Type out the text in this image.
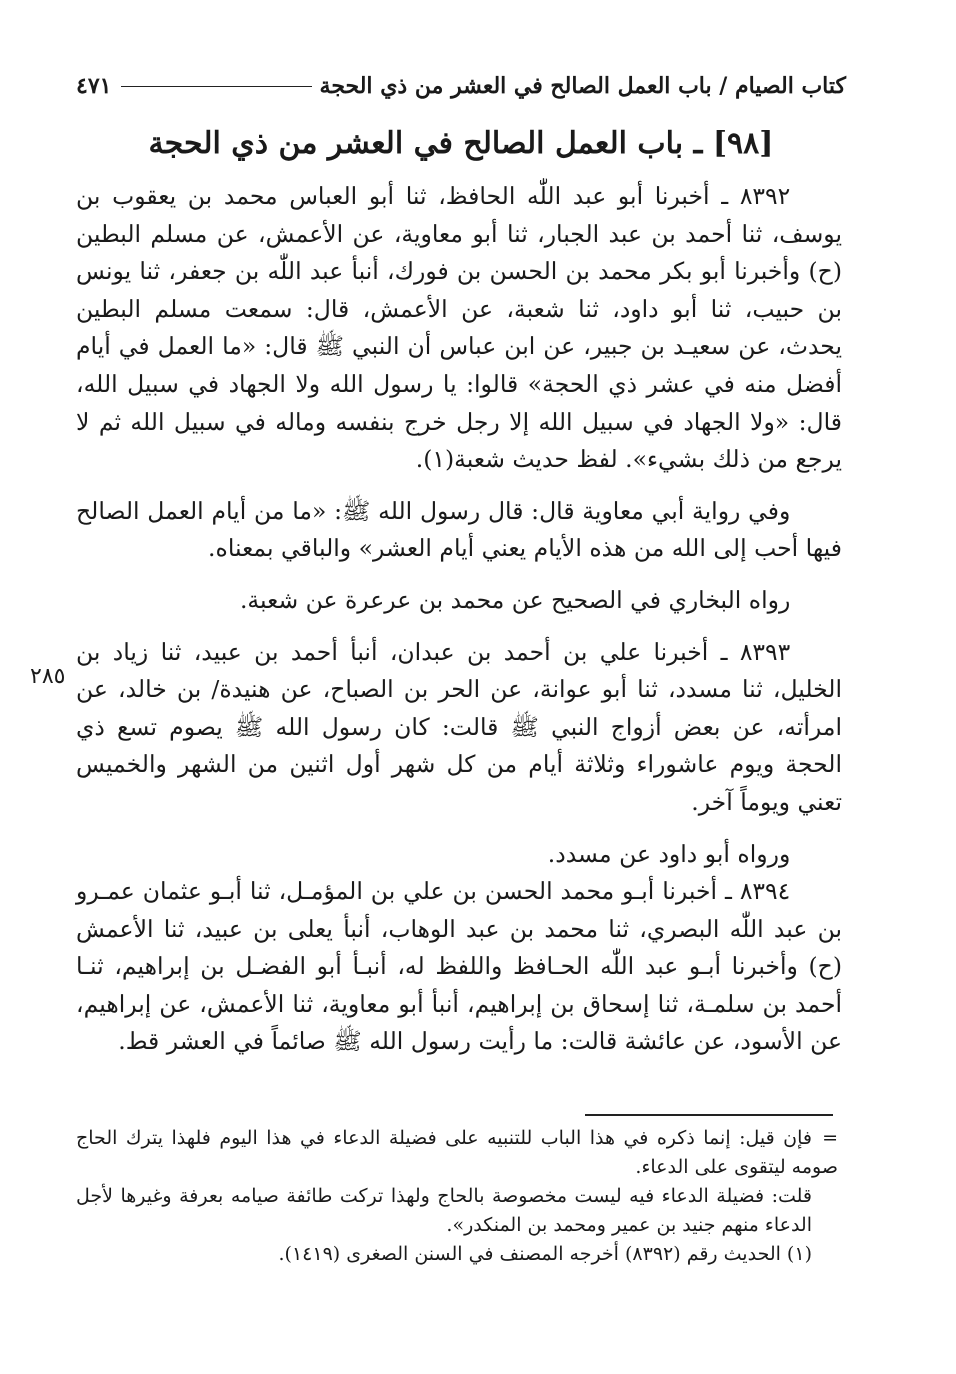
كتاب الصيام / باب العمل الصالح في العشر من ذي الحجة
٤٧١
[٩٨] ـ باب العمل الصالح في العشر من ذي الحجة

٨٣٩٢ ـ أخبرنا أبو عبد اللّٰه الحافظ، ثنا أبو العباس محمد بن يعقوب بن يوسف، ثنا أحمد بن عبد الجبار، ثنا أبو معاوية، عن الأعمش، عن مسلم البطين (ح) وأخبرنا أبو بكر محمد بن الحسن بن فورك، أنبأ عبد اللّٰه بن جعفر، ثنا يونس بن حبيب، ثنا أبو داود، ثنا شعبة، عن الأعمش، قال: سمعت مسلم البطين يحدث، عن سعيـد بن جبير، عن ابن عباس أن النبي ﷺ قال: «ما العمل في أيام أفضل منه في عشر ذي الحجة» قالوا: يا رسول الله ولا الجهاد في سبيل الله، قال: «ولا الجهاد في سبيل الله إلا رجل خرج بنفسه وماله في سبيل الله ثم لا يرجع من ذلك بشيء». لفظ حديث شعبة(١).

وفي رواية أبي معاوية قال: قال رسول الله ﷺ: «ما من أيام العمل الصالح فيها أحب إلى الله من هذه الأيام يعني أيام العشر» والباقي بمعناه.

رواه البخاري في الصحيح عن محمد بن عرعرة عن شعبة.

٨٣٩٣ ـ أخبرنا علي بن أحمد بن عبدان، أنبأ أحمد بن عبيد، ثنا زياد بن الخليل، ثنا مسدد، ثنا أبو عوانة، عن الحر بن الصباح، عن هنيدة/ بن خالد، عن امرأته، عن بعض أزواج النبي ﷺ قالت: كان رسول الله ﷺ يصوم تسع ذي الحجة ويوم عاشوراء وثلاثة أيام من كل شهر أول اثنين من الشهر والخميس تعني ويوماً آخر.

ورواه أبو داود عن مسدد.

٨٣٩٤ ـ أخبرنا أبـو محمد الحسن بن علي بن المؤمـل، ثنا أبـو عثمان عمـرو بن عبد اللّٰه البصري، ثنا محمد بن عبد الوهاب، أنبأ يعلى بن عبيد، ثنا الأعمش (ح) وأخبرنا أبـو عبد اللّٰه الحـافظ واللفظ له، أنبـأ أبو الفضـل بن إبراهيم، ثنـا أحمد بن سلمـة، ثنا إسحاق بن إبراهيم، أنبأ أبو معاوية، ثنا الأعمش، عن إبراهيم، عن الأسود، عن عائشة قالت: ما رأيت رسول الله ﷺ صائماً في العشر قط.

٢٨٥

=فإن قيل: إنما ذكره في هذا الباب للتنبيه على فضيلة الدعاء في هذا اليوم فلهذا يترك الحاج صومه ليتقوى على الدعاء.

قلت: فضيلة الدعاء فيه ليست مخصوصة بالحاج ولهذا تركت طائفة صيامه بعرفة وغيرها لأجل الدعاء منهم جنيد بن عمير ومحمد بن المنكدر».

(١) الحديث رقم (٨٣٩٢) أخرجه المصنف في السنن الصغرى (١٤١٩).
